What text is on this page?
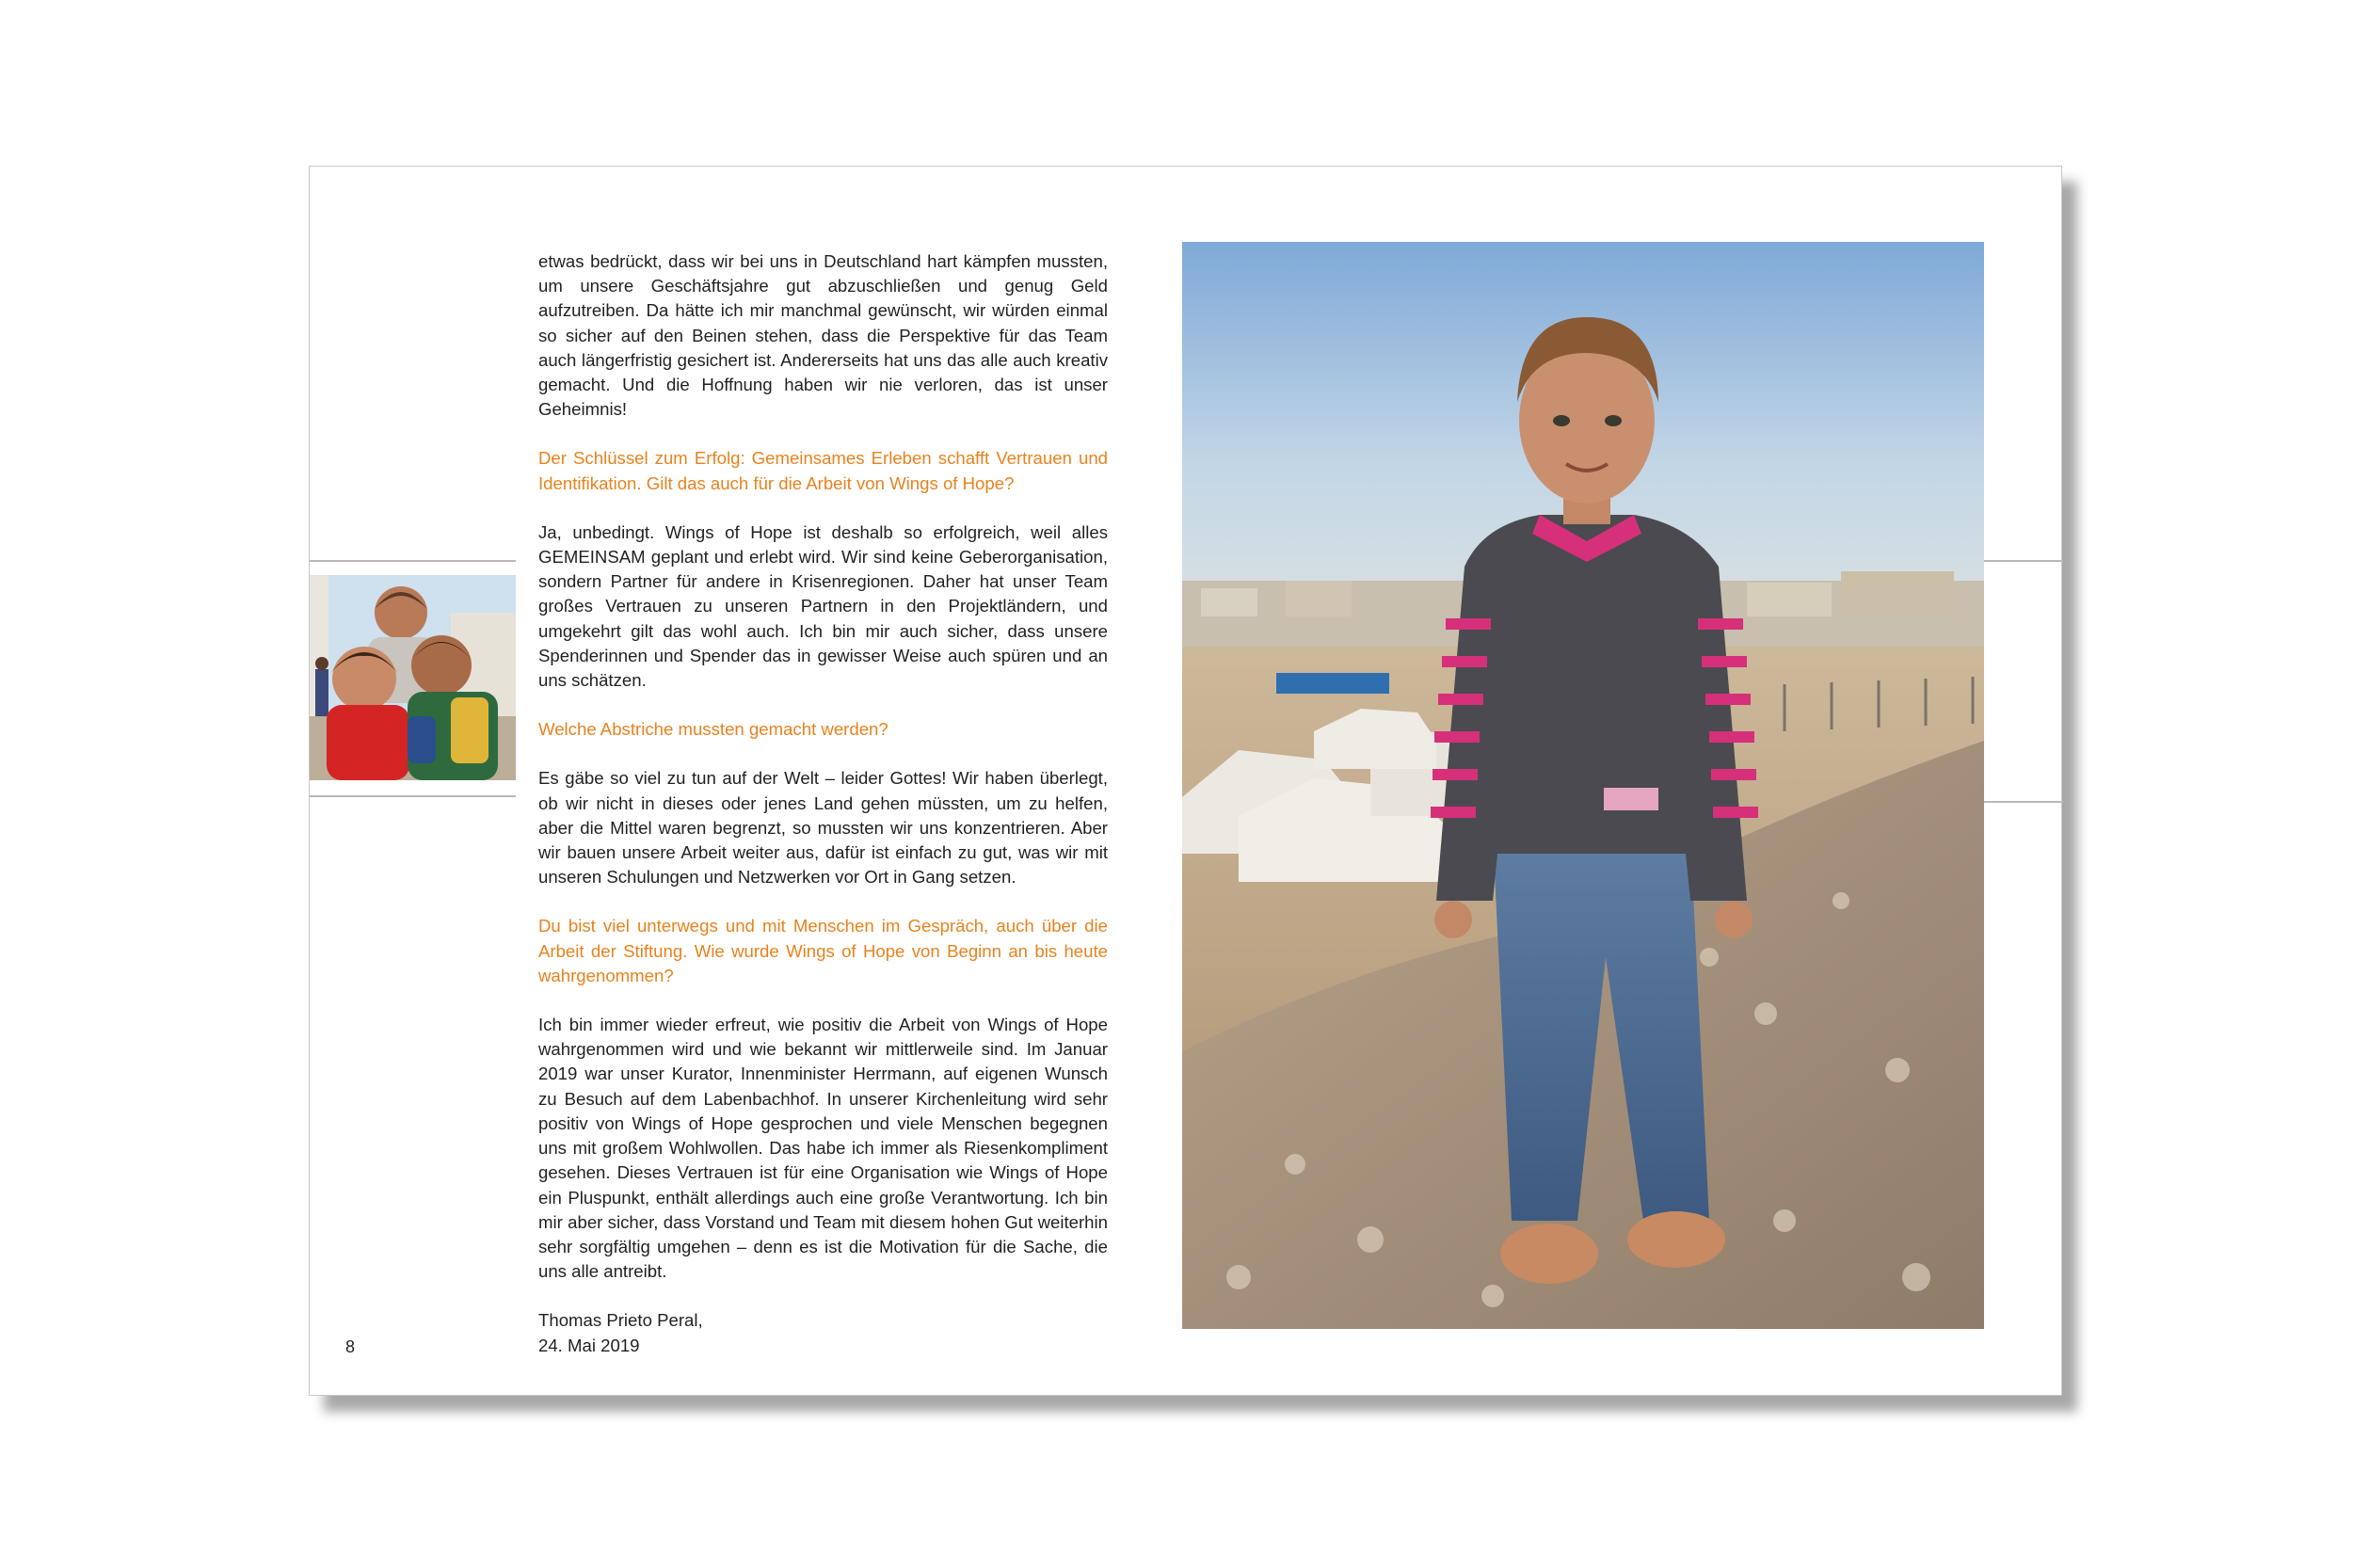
etwas bedrückt, dass wir bei uns in Deutschland hart kämpfen mussten, um unsere Geschäftsjahre gut abzuschließen und genug Geld aufzutreiben. Da hätte ich mir manchmal gewünscht, wir würden einmal so sicher auf den Beinen stehen, dass die Perspektive für das Team auch längerfristig gesichert ist. Andererseits hat uns das alle auch kreativ gemacht. Und die Hoffnung haben wir nie verloren, das ist unser Geheimnis!

Der Schlüssel zum Erfolg: Gemeinsames Erleben schafft Vertrauen und Identifikation. Gilt das auch für die Arbeit von Wings of Hope?

Ja, unbedingt. Wings of Hope ist deshalb so erfolgreich, weil alles GEMEINSAM geplant und erlebt wird. Wir sind keine Geberorganisation, sondern Partner für andere in Krisenregionen. Daher hat unser Team großes Vertrauen zu unseren Partnern in den Projektländern, und umgekehrt gilt das wohl auch. Ich bin mir auch sicher, dass unsere Spenderinnen und Spender das in gewisser Weise auch spüren und an uns schätzen.

Welche Abstriche mussten gemacht werden?

Es gäbe so viel zu tun auf der Welt – leider Gottes! Wir haben überlegt, ob wir nicht in dieses oder jenes Land gehen müssten, um zu helfen, aber die Mittel waren begrenzt, so mussten wir uns konzentrieren. Aber wir bauen unsere Arbeit weiter aus, dafür ist einfach zu gut, was wir mit unseren Schulungen und Netzwerken vor Ort in Gang setzen.

Du bist viel unterwegs und mit Menschen im Gespräch, auch über die Arbeit der Stiftung. Wie wurde Wings of Hope von Beginn an bis heute wahrgenommen?

Ich bin immer wieder erfreut, wie positiv die Arbeit von Wings of Hope wahrgenommen wird und wie bekannt wir mittlerweile sind. Im Januar 2019 war unser Kurator, Innenminister Herrmann, auf eigenen Wunsch zu Besuch auf dem Labenbachhof. In unserer Kirchenleitung wird sehr positiv von Wings of Hope gesprochen und viele Menschen begegnen uns mit großem Wohlwollen. Das habe ich immer als Riesenkompliment gesehen. Dieses Vertrauen ist für eine Organisation wie Wings of Hope ein Pluspunkt, enthält allerdings auch eine große Verantwortung. Ich bin mir aber sicher, dass Vorstand und Team mit diesem hohen Gut weiterhin sehr sorgfältig umgehen – denn es ist die Motivation für die Sache, die uns alle antreibt.

Thomas Prieto Peral,
24. Mai 2019

8
